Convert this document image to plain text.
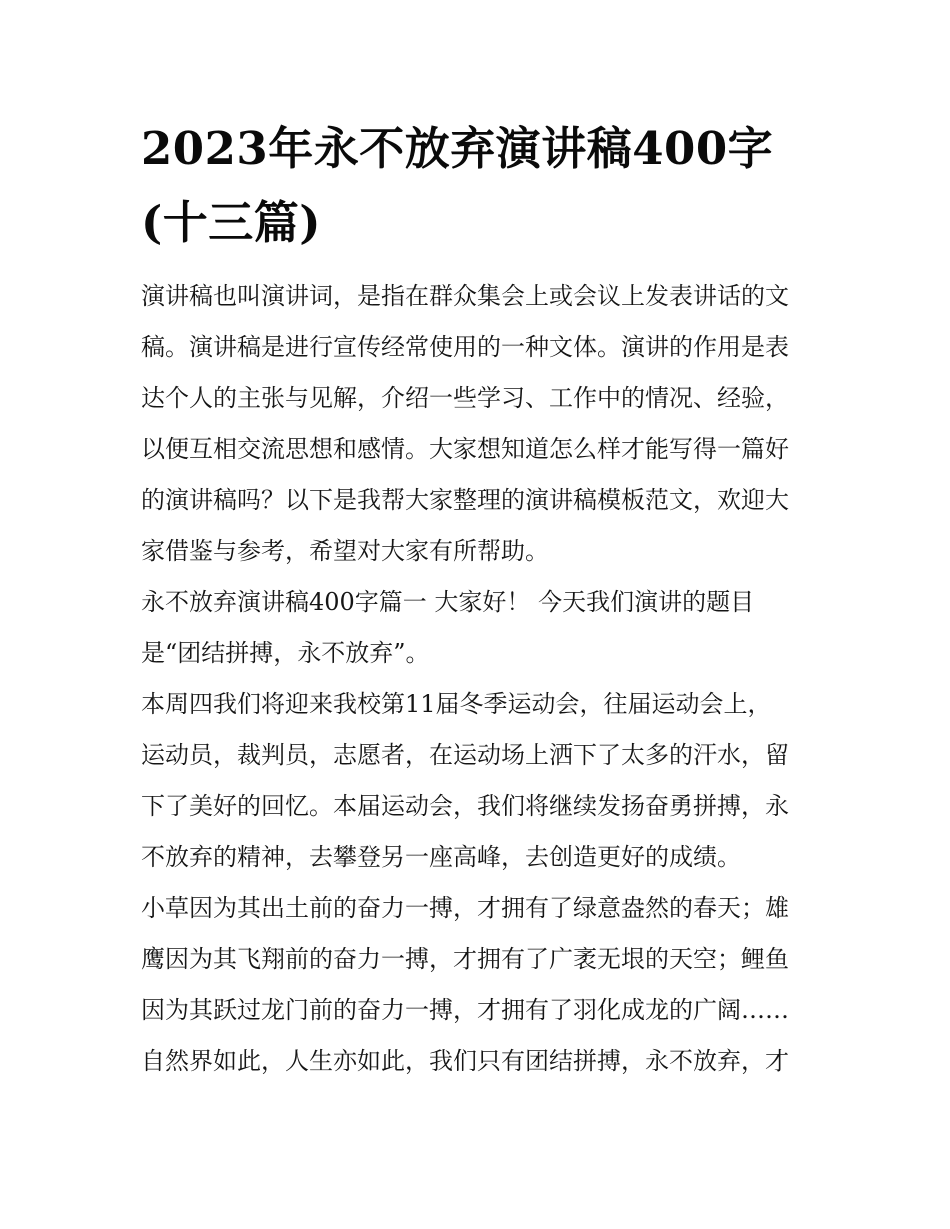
2023年永不放弃演讲稿400字
(十三篇)

演讲稿也叫演讲词，是指在群众集会上或会议上发表讲话的文
稿。演讲稿是进行宣传经常使用的一种文体。演讲的作用是表
达个人的主张与见解，介绍一些学习、工作中的情况、经验，
以便互相交流思想和感情。大家想知道怎么样才能写得一篇好
的演讲稿吗？以下是我帮大家整理的演讲稿模板范文，欢迎大
家借鉴与参考，希望对大家有所帮助。

永不放弃演讲稿400字篇一 大家好！ 今天我们演讲的题目
是“团结拼搏，永不放弃”。

本周四我们将迎来我校第11届冬季运动会，往届运动会上，
运动员，裁判员，志愿者，在运动场上洒下了太多的汗水，留
下了美好的回忆。本届运动会，我们将继续发扬奋勇拼搏，永
不放弃的精神，去攀登另一座高峰，去创造更好的成绩。

小草因为其出土前的奋力一搏，才拥有了绿意盎然的春天；雄
鹰因为其飞翔前的奋力一搏，才拥有了广袤无垠的天空；鲤鱼
因为其跃过龙门前的奋力一搏，才拥有了羽化成龙的广阔……
自然界如此，人生亦如此，我们只有团结拼搏，永不放弃，才
